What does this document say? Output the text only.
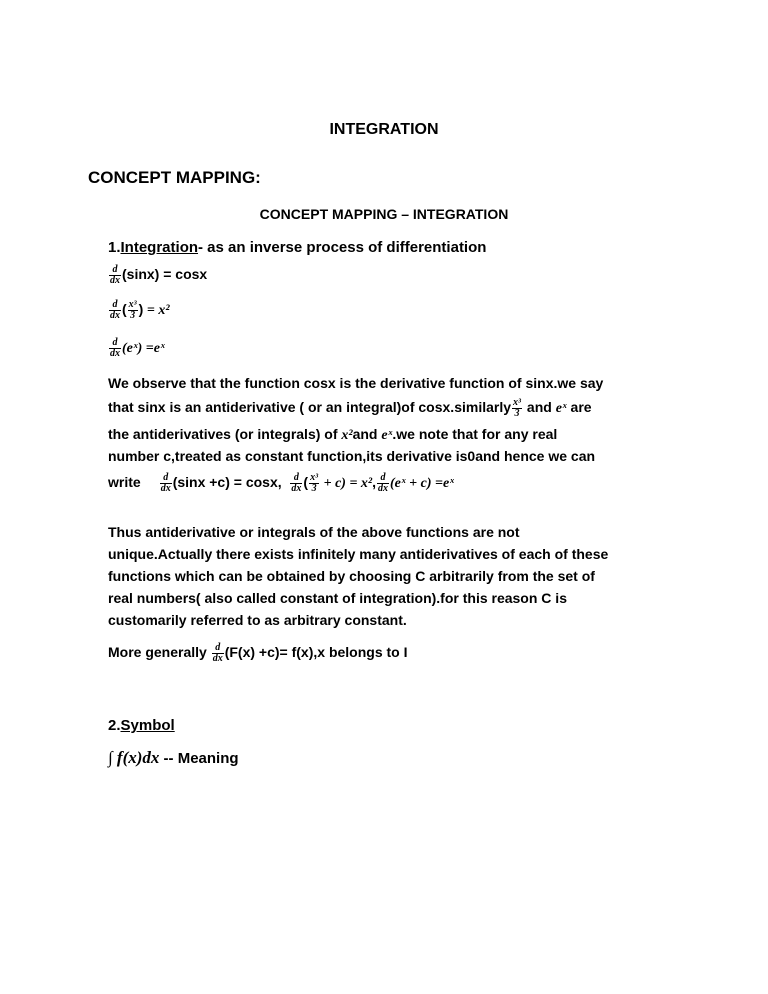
INTEGRATION
CONCEPT MAPPING:
CONCEPT MAPPING – INTEGRATION
1.Integration- as an inverse process of differentiation
$\frac{d}{dx} (\sin x) = \cos x$
$\frac{d}{dx}$ ( $\frac{\text{x³}}{3}$ ) = x²
$\frac{d}{dx}$ (eˣ) =eˣ
We observe that the function cosx is the derivative function of sinx.we say
that sinx is an antiderivative ( or an integral)of cosx.similarly $\frac{\text{x³}}{3}$ and eˣ are
the antiderivatives (or integrals) of x²and eˣ.we note that for any real
number c,treated as constant function,its derivative is0and hence we can
write $\frac{d}{dx} (\sin x +c) = \cos x$, $\frac{d}{dx}$ ( $\frac{\text{x³}}{3} + c) = x^2$, $\frac{d}{dx}$ (eˣ + c) =eˣ
Thus antiderivative or integrals of the above functions are not
unique.Actually there exists infinitely many antiderivatives of each of these
functions which can be obtained by choosing C arbitrarily from the set of
real numbers( also called constant of integration).for this reason C is
customarily referred to as arbitrary constant.
More generally $\frac{d}{dx} (F(x) +c)= f(x),x$ belongs to I
2.Symbol
∫ f(x)dx -- Meaning
